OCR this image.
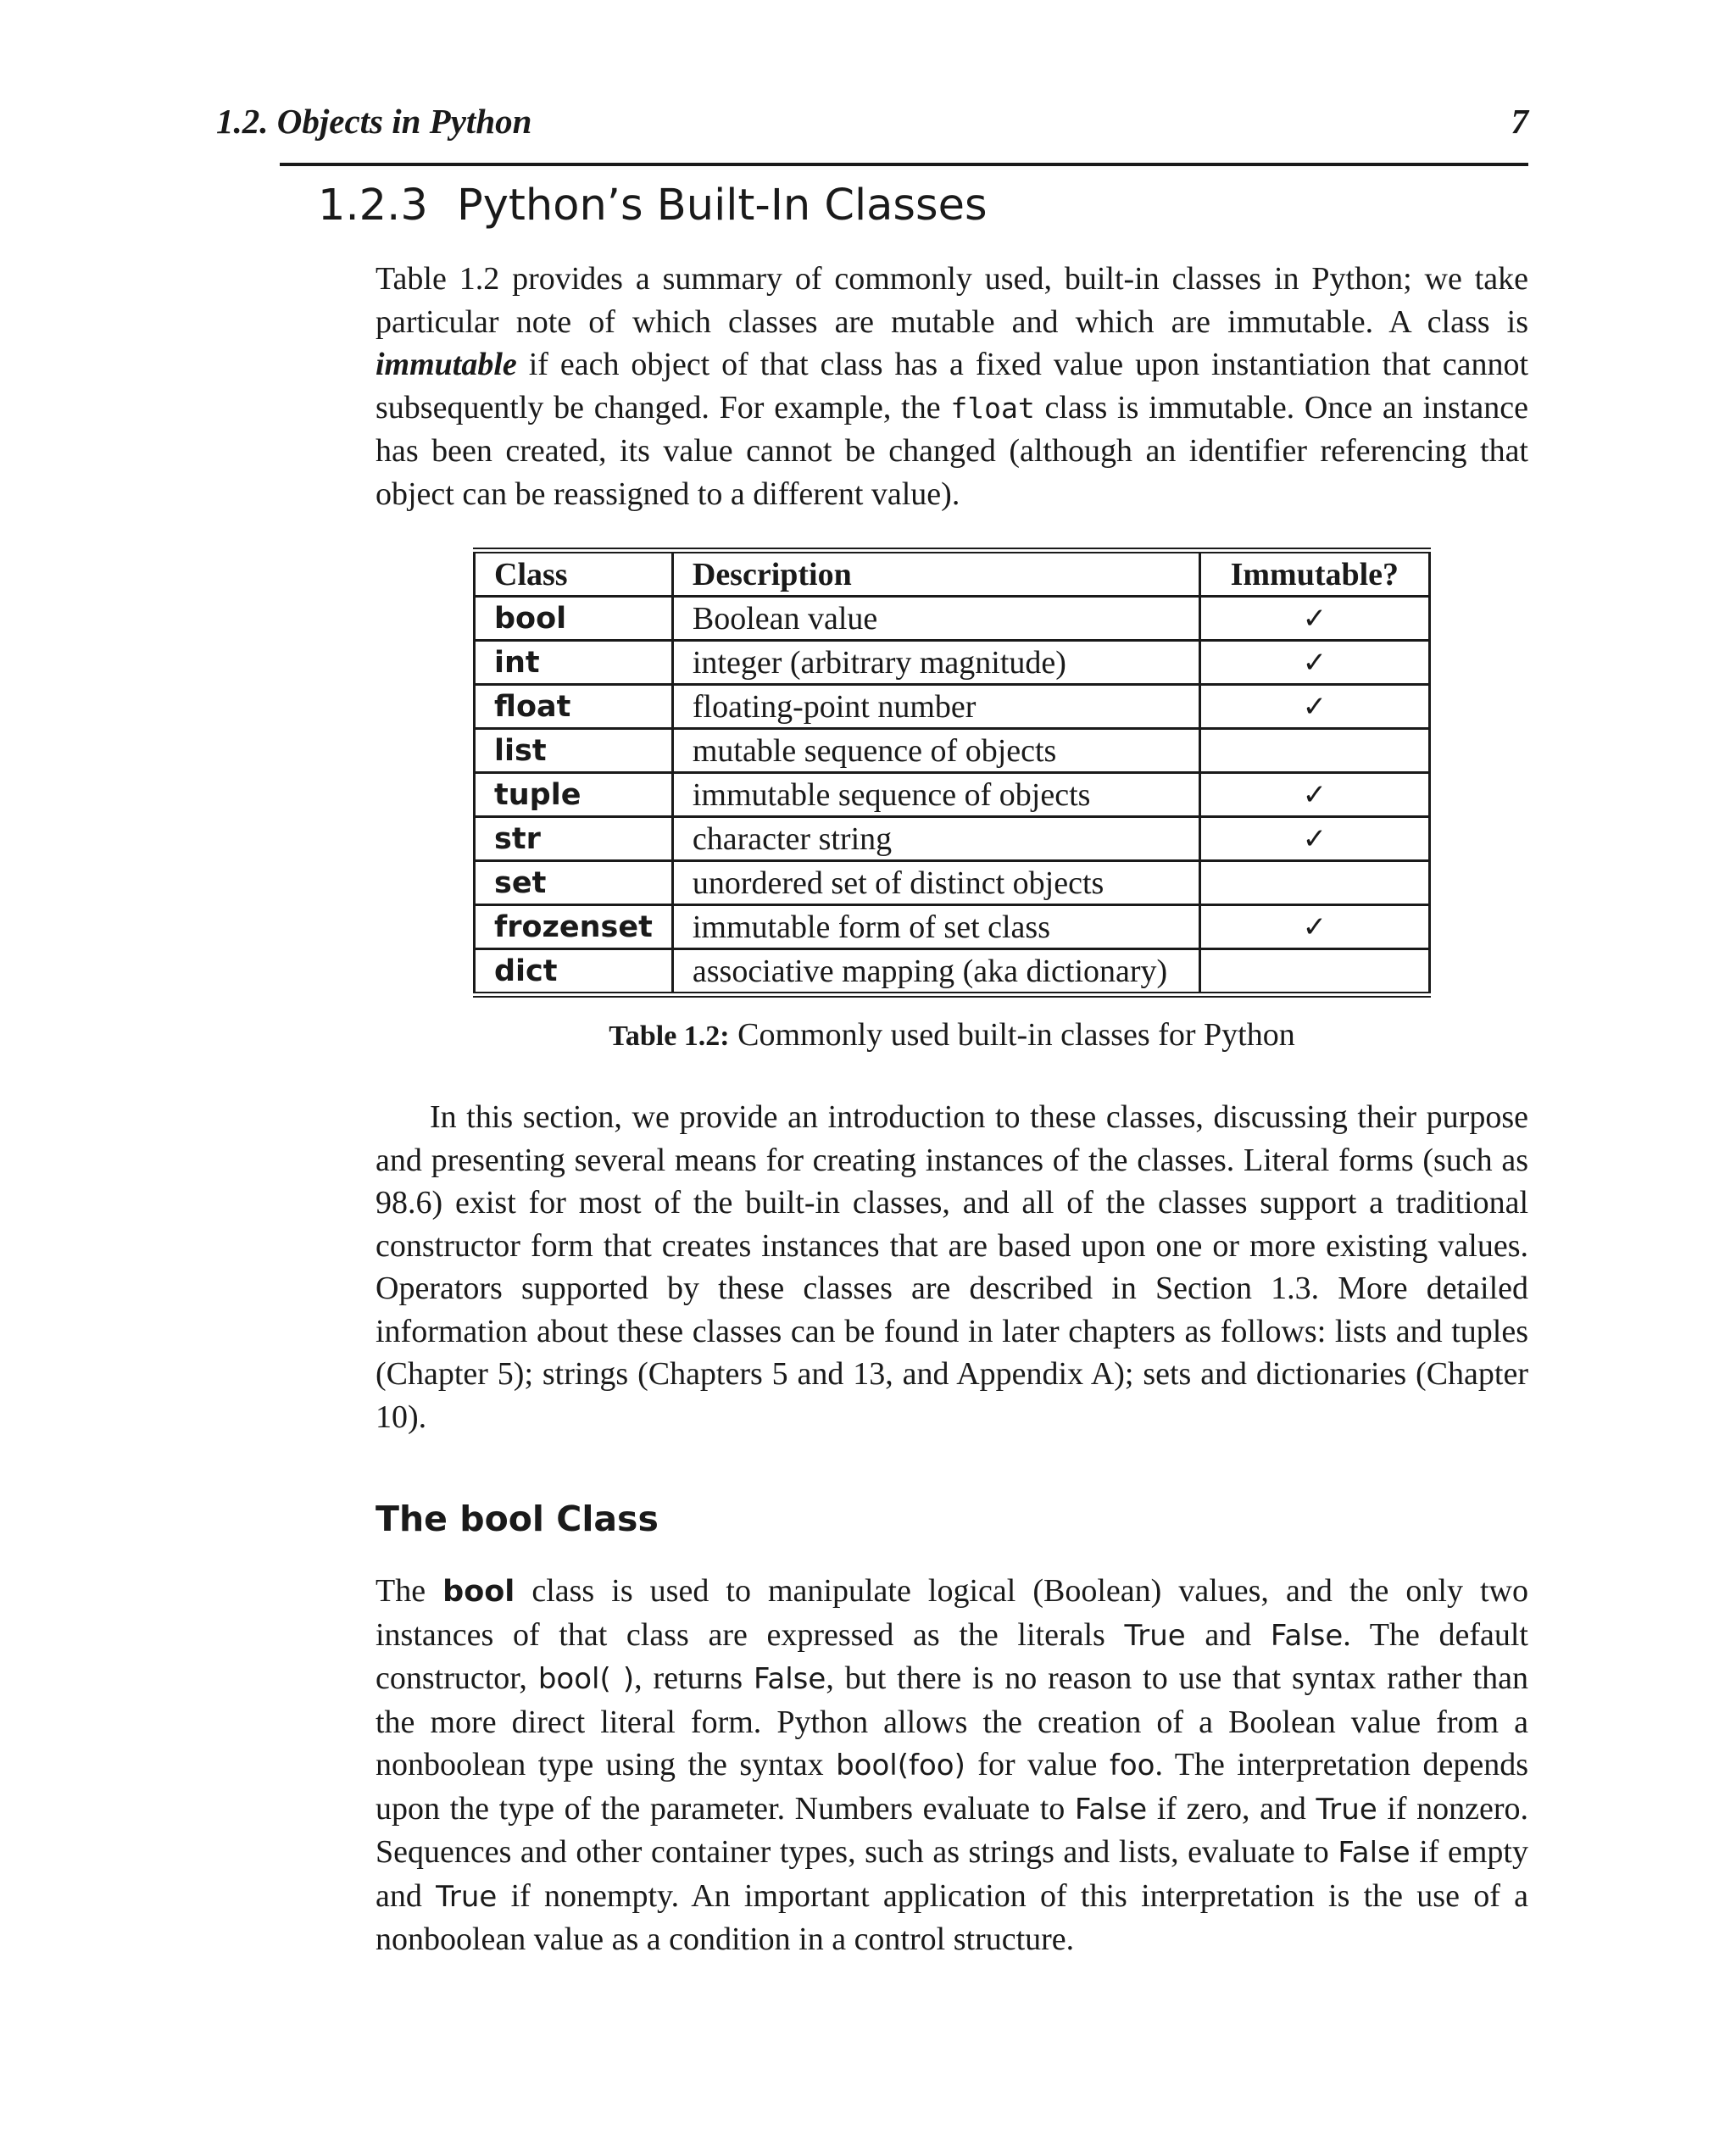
1.2. Objects in Python	7
1.2.3 Python’s Built-In Classes

Table 1.2 provides a summary of commonly used, built-in classes in Python; we take particular note of which classes are mutable and which are immutable. A class is immutable if each object of that class has a fixed value upon instantiation that cannot subsequently be changed. For example, the float class is immutable. Once an instance has been created, its value cannot be changed (although an identifier referencing that object can be reassigned to a different value).

Class	Description	Immutable?
bool	Boolean value	✓
int	integer (arbitrary magnitude)	✓
float	floating-point number	✓
list	mutable sequence of objects	
tuple	immutable sequence of objects	✓
str	character string	✓
set	unordered set of distinct objects	
frozenset	immutable form of set class	✓
dict	associative mapping (aka dictionary)	
Table 1.2: Commonly used built-in classes for Python

In this section, we provide an introduction to these classes, discussing their purpose and presenting several means for creating instances of the classes. Literal forms (such as 98.6) exist for most of the built-in classes, and all of the classes support a traditional constructor form that creates instances that are based upon one or more existing values. Operators supported by these classes are described in Section 1.3. More detailed information about these classes can be found in later chapters as follows: lists and tuples (Chapter 5); strings (Chapters 5 and 13, and Appendix A); sets and dictionaries (Chapter 10).

The bool Class

The bool class is used to manipulate logical (Boolean) values, and the only two instances of that class are expressed as the literals True and False. The default constructor, bool( ), returns False, but there is no reason to use that syntax rather than the more direct literal form. Python allows the creation of a Boolean value from a nonboolean type using the syntax bool(foo) for value foo. The interpretation depends upon the type of the parameter. Numbers evaluate to False if zero, and True if nonzero. Sequences and other container types, such as strings and lists, evaluate to False if empty and True if nonempty. An important application of this interpretation is the use of a nonboolean value as a condition in a control structure.
